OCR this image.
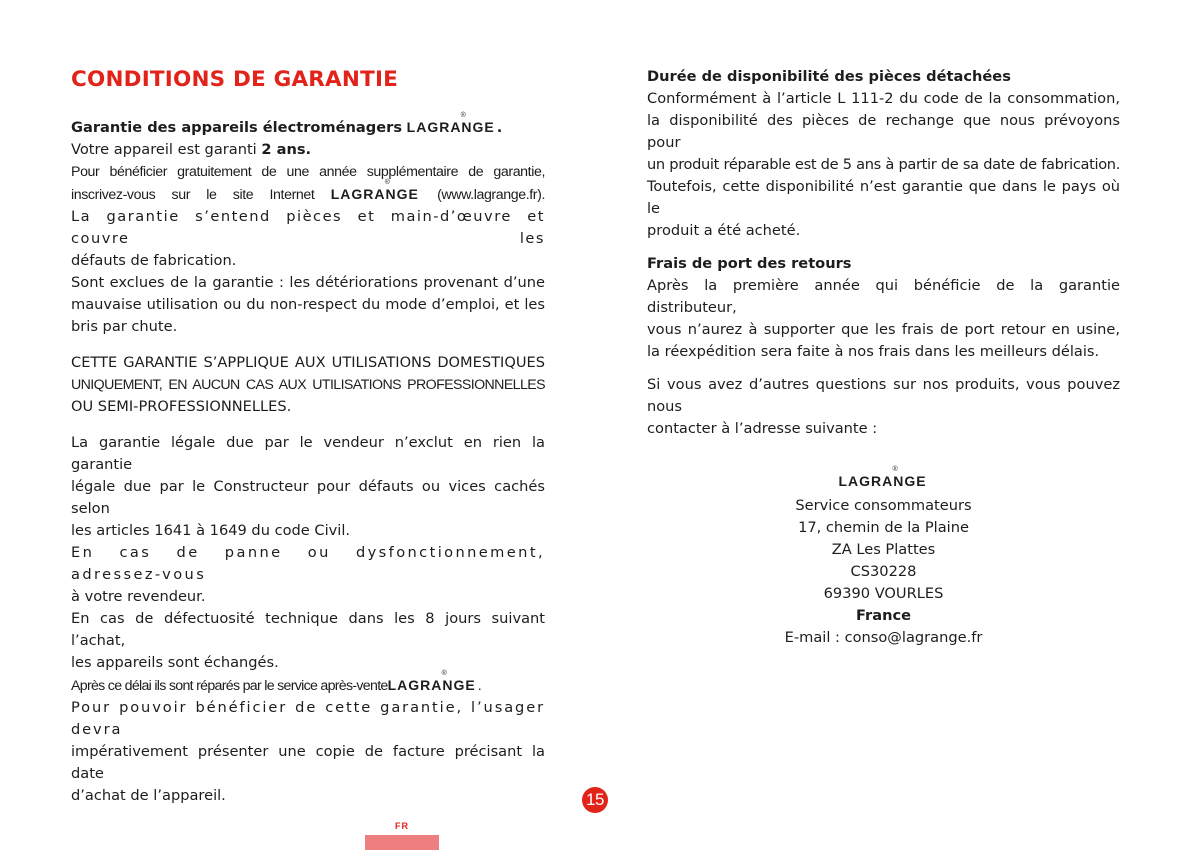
CONDITIONS DE GARANTIE

Garantie des appareils électroménagers LAGRANGE
®
.

Votre appareil est garanti 2 ans.

Pour bénéficier gratuitement de une année supplémentaire de garantie,

inscrivez-vous sur le site Internet LAGRANGE
®
(www.lagrange.fr).

La garantie s’entend pièces et main-d’œuvre et couvre les

défauts de fabrication.

Sont exclues de la garantie : les détériorations provenant d’une

mauvaise utilisation ou du non-respect du mode d’emploi, et les

bris par chute.

CETTE GARANTIE S’APPLIQUE AUX UTILISATIONS DOMESTIQUES

UNIQUEMENT, EN AUCUN CAS AUX UTILISATIONS PROFESSIONNELLES

OU SEMI-PROFESSIONNELLES.

La garantie légale due par le vendeur n’exclut en rien la garantie

légale due par le Constructeur pour défauts ou vices cachés selon

les articles 1641 à 1649 du code Civil.

En cas de panne ou dysfonctionnement, adressez-vous

à votre revendeur.

En cas de défectuosité technique dans les 8 jours suivant l’achat,

les appareils sont échangés.

Après ce délai ils sont réparés par le service après-venteLAGRANGE
®
.

Pour pouvoir bénéficier de cette garantie, l’usager devra

impérativement présenter une copie de facture précisant la date

d’achat de l’appareil.

Durée de disponibilité des pièces détachées

Conformément à l’article L 111-2 du code de la consommation,

la disponibilité des pièces de rechange que nous prévoyons pour

un produit réparable est de 5 ans à partir de sa date de fabrication.

Toutefois, cette disponibilité n’est garantie que dans le pays où le

produit a été acheté.

Frais de port des retours

Après la première année qui bénéficie de la garantie distributeur,

vous n’aurez à supporter que les frais de port retour en usine,

la réexpédition sera faite à nos frais dans les meilleurs délais.

Si vous avez d’autres questions sur nos produits, vous pouvez nous

contacter à l’adresse suivante :

LAGRANGE
®

Service consommateurs

17, chemin de la Plaine

ZA Les Plattes

CS30228

69390 VOURLES

France

E-mail : conso@lagrange.fr

15
FR
